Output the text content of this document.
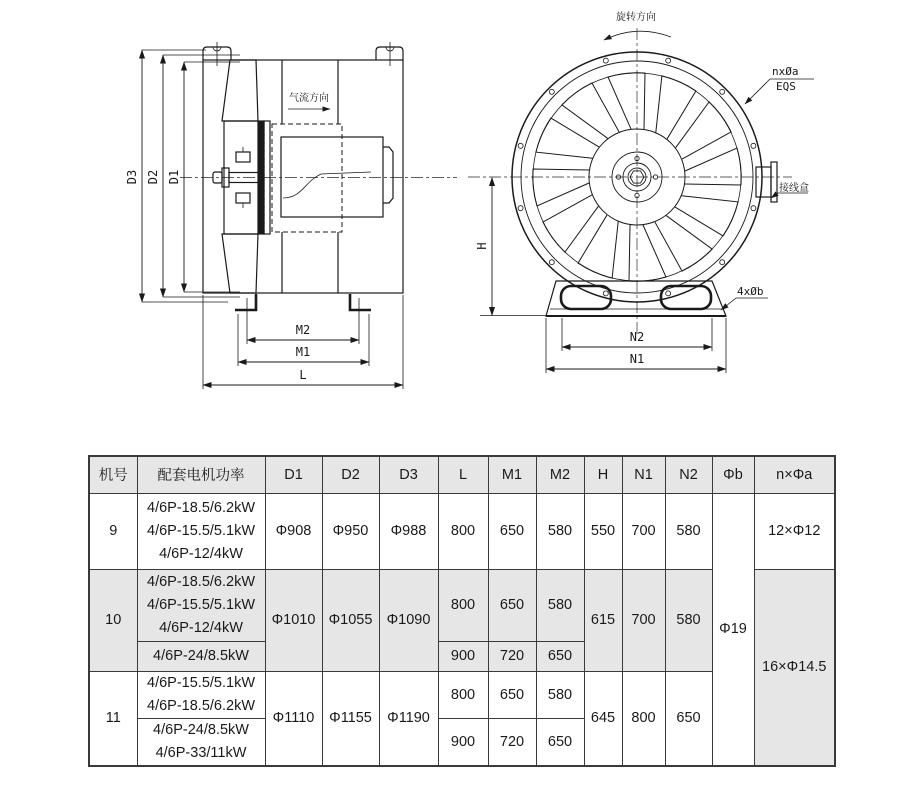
气流方向
D3 D2 D1
M2
M1
L
旋转方向
nxØa
EQS
接线盒
4xØb
H
N2
N1
机号	配套电机功率	D1	D2	D3	L	M1	M2	H	N1	N2	Φb	n×Φa
9	4/6P-18.5/6.2kW
4/6P-15.5/5.1kW
4/6P-12/4kW	Φ908	Φ950	Φ988	800	650	580	550	700	580	Φ19	12×Φ12
10	4/6P-18.5/6.2kW
4/6P-15.5/5.1kW
4/6P-12/4kW	Φ1010	Φ1055	Φ1090	800	650	580	615	700	580		16×Φ14.5

	4/6P-24/8.5kW				900	720	650					
11	4/6P-15.5/5.1kW
4/6P-18.5/6.2kW	Φ1110	Φ1155	Φ1190	800	650	580	645	800	650		

	4/6P-24/8.5kW
4/6P-33/11kW				900	720	650					
